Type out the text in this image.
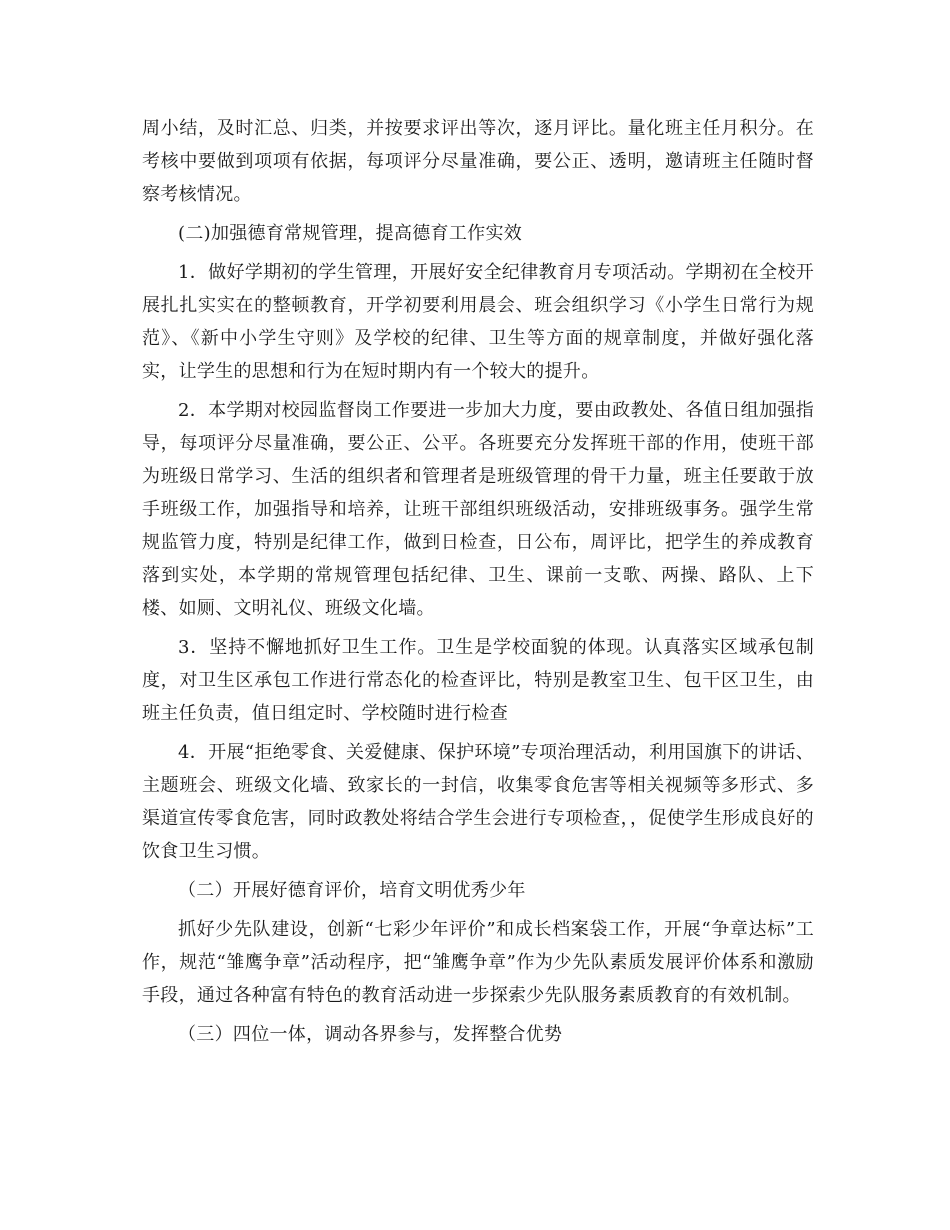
周小结，及时汇总、归类，并按要求评出等次，逐月评比。量化班主任月积分。在考核中要做到项项有依据，每项评分尽量准确，要公正、透明，邀请班主任随时督察考核情况。

(二)加强德育常规管理，提高德育工作实效

1．做好学期初的学生管理，开展好安全纪律教育月专项活动。学期初在全校开展扎扎实实在的整顿教育，开学初要利用晨会、班会组织学习《小学生日常行为规范》、《新中小学生守则》及学校的纪律、卫生等方面的规章制度，并做好强化落实，让学生的思想和行为在短时期内有一个较大的提升。

2．本学期对校园监督岗工作要进一步加大力度，要由政教处、各值日组加强指导，每项评分尽量准确，要公正、公平。各班要充分发挥班干部的作用，使班干部为班级日常学习、生活的组织者和管理者是班级管理的骨干力量，班主任要敢于放手班级工作，加强指导和培养，让班干部组织班级活动，安排班级事务。强学生常规监管力度，特别是纪律工作，做到日检查，日公布，周评比，把学生的养成教育落到实处，本学期的常规管理包括纪律、卫生、课前一支歌、两操、路队、上下楼、如厕、文明礼仪、班级文化墙。

3．坚持不懈地抓好卫生工作。卫生是学校面貌的体现。认真落实区域承包制度，对卫生区承包工作进行常态化的检查评比，特别是教室卫生、包干区卫生，由班主任负责，值日组定时、学校随时进行检查

4．开展“拒绝零食、关爱健康、保护环境”专项治理活动，利用国旗下的讲话、主题班会、班级文化墙、致家长的一封信，收集零食危害等相关视频等多形式、多渠道宣传零食危害，同时政教处将结合学生会进行专项检查，，促使学生形成良好的饮食卫生习惯。

（二）开展好德育评价，培育文明优秀少年

抓好少先队建设，创新“七彩少年评价”和成长档案袋工作，开展“争章达标”工作，规范“雏鹰争章”活动程序，把“雏鹰争章”作为少先队素质发展评价体系和激励手段，通过各种富有特色的教育活动进一步探索少先队服务素质教育的有效机制。

（三）四位一体，调动各界参与，发挥整合优势
